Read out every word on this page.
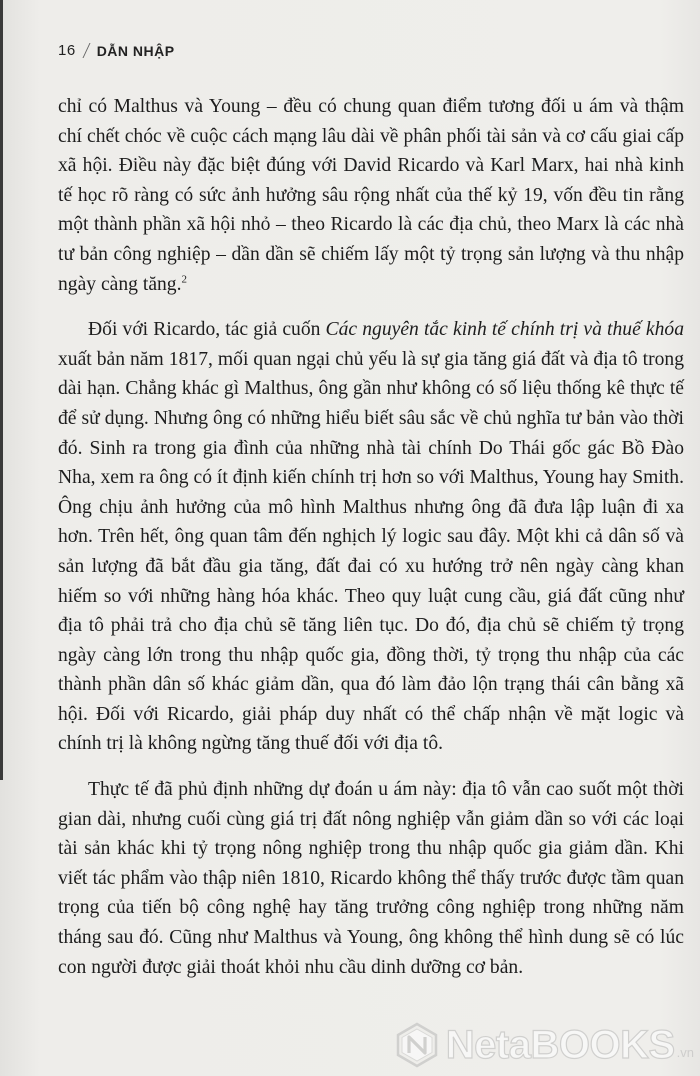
16 DẪN NHẬP

chỉ có Malthus và Young – đều có chung quan điểm tương đối u ám và thậm chí chết chóc về cuộc cách mạng lâu dài về phân phối tài sản và cơ cấu giai cấp xã hội. Điều này đặc biệt đúng với David Ricardo và Karl Marx, hai nhà kinh tế học rõ ràng có sức ảnh hưởng sâu rộng nhất của thế kỷ 19, vốn đều tin rằng một thành phần xã hội nhỏ – theo Ricardo là các địa chủ, theo Marx là các nhà tư bản công nghiệp – dần dần sẽ chiếm lấy một tỷ trọng sản lượng và thu nhập ngày càng tăng.$^2$

Đối với Ricardo, tác giả cuốn Các nguyên tắc kinh tế chính trị và thuế khóa xuất bản năm 1817, mối quan ngại chủ yếu là sự gia tăng giá đất và địa tô trong dài hạn. Chẳng khác gì Malthus, ông gần như không có số liệu thống kê thực tế để sử dụng. Nhưng ông có những hiểu biết sâu sắc về chủ nghĩa tư bản vào thời đó. Sinh ra trong gia đình của những nhà tài chính Do Thái gốc gác Bồ Đào Nha, xem ra ông có ít định kiến chính trị hơn so với Malthus, Young hay Smith. Ông chịu ảnh hưởng của mô hình Malthus nhưng ông đã đưa lập luận đi xa hơn. Trên hết, ông quan tâm đến nghịch lý logic sau đây. Một khi cả dân số và sản lượng đã bắt đầu gia tăng, đất đai có xu hướng trở nên ngày càng khan hiếm so với những hàng hóa khác. Theo quy luật cung cầu, giá đất cũng như địa tô phải trả cho địa chủ sẽ tăng liên tục. Do đó, địa chủ sẽ chiếm tỷ trọng ngày càng lớn trong thu nhập quốc gia, đồng thời, tỷ trọng thu nhập của các thành phần dân số khác giảm dần, qua đó làm đảo lộn trạng thái cân bằng xã hội. Đối với Ricardo, giải pháp duy nhất có thể chấp nhận về mặt logic và chính trị là không ngừng tăng thuế đối với địa tô.

Thực tế đã phủ định những dự đoán u ám này: địa tô vẫn cao suốt một thời gian dài, nhưng cuối cùng giá trị đất nông nghiệp vẫn giảm dần so với các loại tài sản khác khi tỷ trọng nông nghiệp trong thu nhập quốc gia giảm dần. Khi viết tác phẩm vào thập niên 1810, Ricardo không thể thấy trước được tầm quan trọng của tiến bộ công nghệ hay tăng trưởng công nghiệp trong những năm tháng sau đó. Cũng như Malthus và Young, ông không thể hình dung sẽ có lúc con người được giải thoát khỏi nhu cầu dinh dưỡng cơ bản.

NetaBOOKS .vn
